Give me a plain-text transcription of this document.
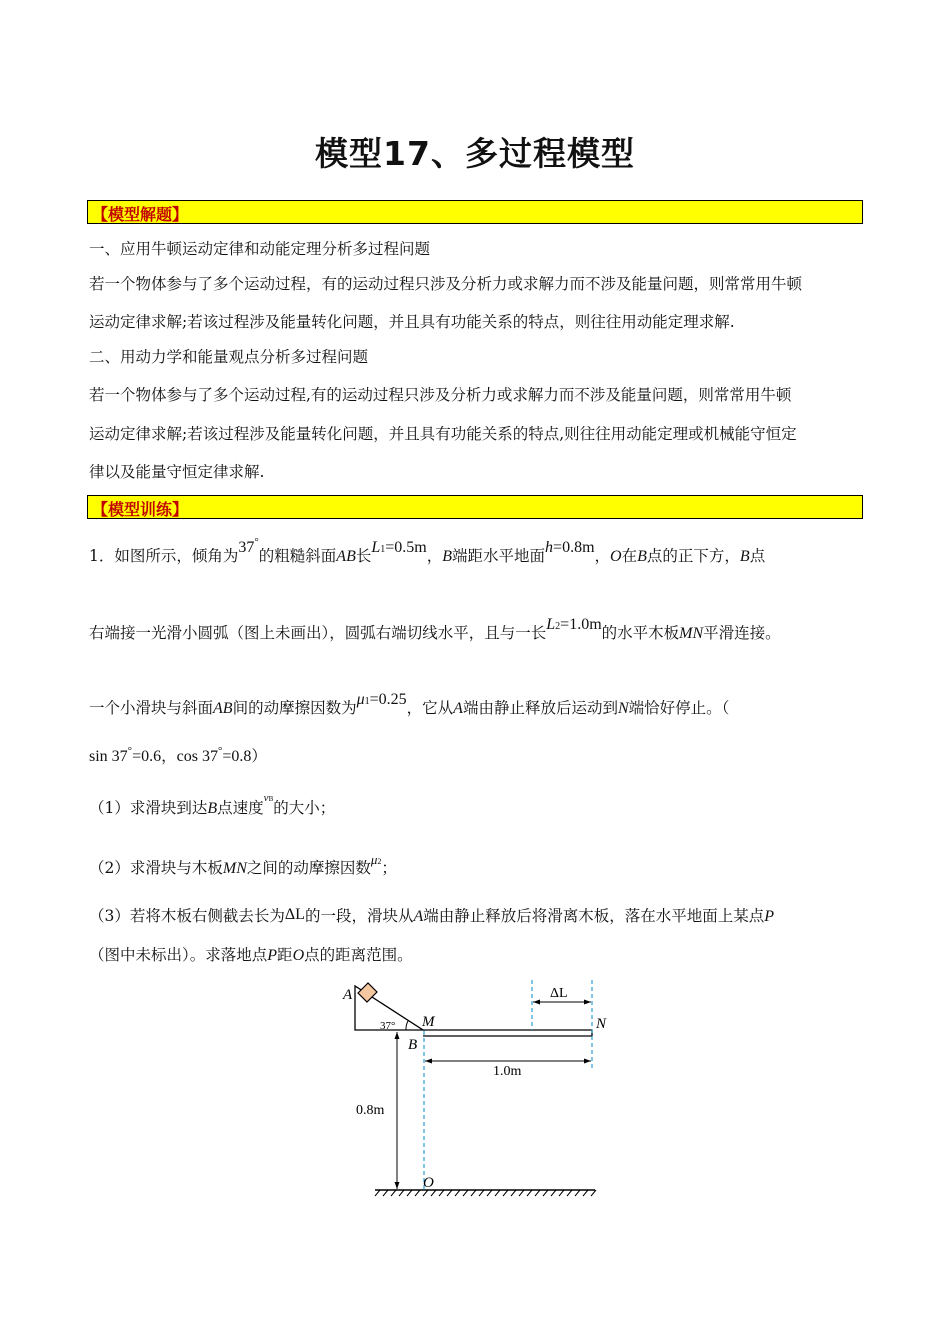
模型17、多过程模型
【模型解题】
一、应用牛顿运动定律和动能定理分析多过程问题
若一个物体参与了多个运动过程，有的运动过程只涉及分析力或求解力而不涉及能量问题，则常常用牛顿
运动定律求解;若该过程涉及能量转化问题，并且具有功能关系的特点，则往往用动能定理求解.
二、用动力学和能量观点分析多过程问题
若一个物体参与了多个运动过程,有的运动过程只涉及分析力或求解力而不涉及能量问题，则常常用牛顿
运动定律求解;若该过程涉及能量转化问题，并且具有功能关系的特点,则往往用动能定理或机械能守恒定
律以及能量守恒定律求解.
【模型训练】
1．如图所示，倾角为37°的粗糙斜面AB长L1=0.5m，B端距水平地面h=0.8m，O在B点的正下方，B点
右端接一光滑小圆弧（图上未画出），圆弧右端切线水平，且与一长L2=1.0m的水平木板MN平滑连接。
一个小滑块与斜面AB间的动摩擦因数为μ1=0.25，它从A端由静止释放后运动到N端恰好停止。（
sin 37°=0.6，cos 37°=0.8）
（1）求滑块到达B点速度$^{vB}$的大小；
（2）求滑块与木板MN之间的动摩擦因数$^{\mu 2}$；
（3）若将木板右侧截去长为ΔL的一段，滑块从A端由静止释放后将滑离木板，落在水平地面上某点P
（图中未标出）。求落地点P距O点的距离范围。
A
37° M	N
B
ΔL
1.0m
0.8m
O
